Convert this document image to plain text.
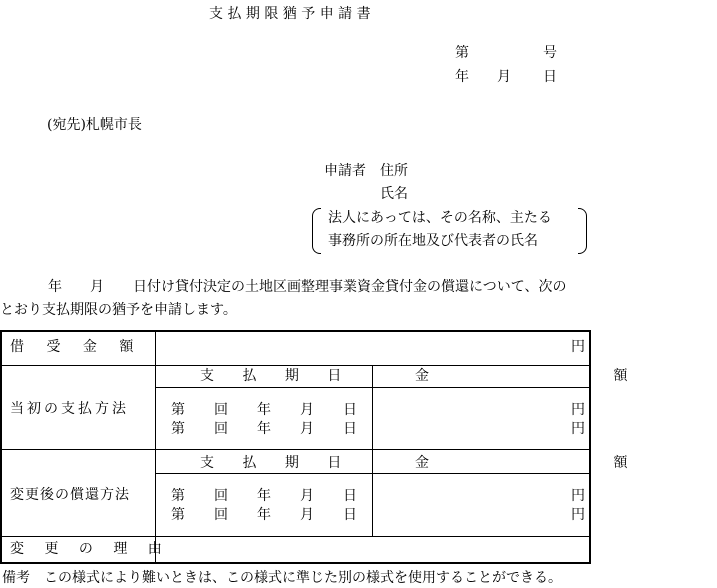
支 払 期 限 猶 予 申 請 書
第	号
年 月 日
(宛先)札幌市長
申請者 住所
氏名
法人にあっては、その名称、主たる
事務所の所在地及び代表者の氏名
年 月 日付け貸付決定の土地区画整理事業資金貸付金の償還について、次の
とおり支払期限の猶予を申請します。
借 受 金 額	円
当初の支払方法
支 払 期 日	金 額
第 回 年 月 日	円
第 回 年 月 日	円
変更後の償還方法
支 払 期 日	金 額
第 回 年 月 日	円
第 回 年 月 日	円
変 更 の 理 由
備考　この様式により難いときは、この様式に準じた別の様式を使用することができる。
